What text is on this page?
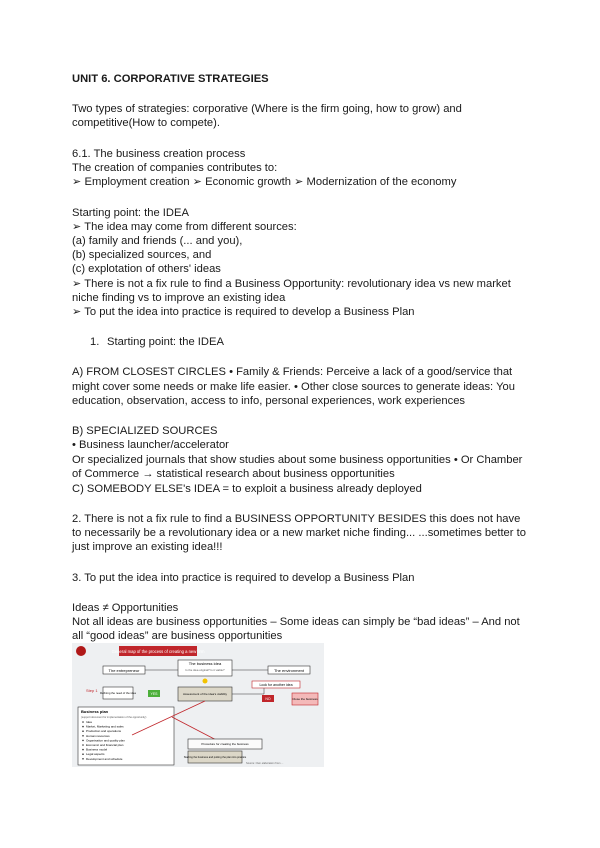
UNIT 6. CORPORATIVE STRATEGIES
Two types of strategies: corporative (Where is the firm going, how to grow) and
competitive(How to compete).
6.1. The business creation process
The creation of companies contributes to:
➢ Employment creation ➢ Economic growth ➢ Modernization of the economy
Starting point: the IDEA
➢ The idea may come from different sources:
(a) family and friends (... and you),
(b) specialized sources, and
(c) explotation of others' ideas
➢ There is not a fix rule to find a Business Opportunity: revolutionary idea vs new market
niche finding vs to improve an existing idea
➢ To put the idea into practice is required to develop a Business Plan
1. Starting point: the IDEA
A) FROM CLOSEST CIRCLES • Family & Friends: Perceive a lack of a good/service that
might cover some needs or make life easier. • Other close sources to generate ideas: You
education, observation, access to info, personal experiences, work experiences
B) SPECIALIZED SOURCES
• Business launcher/accelerator
Or specialized journals that show studies about some business opportunities • Or Chamber
of Commerce → statistical research about business opportunities
C) SOMEBODY ELSE's IDEA = to exploit a business already deployed
2. There is not a fix rule to find a BUSINESS OPPORTUNITY BESIDES this does not have
to necessarily be a revolutionary idea or a new market niche finding... ...sometimes better to
just improve an existing idea!!!
3. To put the idea into practice is required to develop a Business Plan
Ideas ≠ Opportunities
Not all ideas are business opportunities – Some ideas can simply be “bad ideas” – And not
all “good ideas” are business opportunities
General map of the process of creating a new firm
The entrepreneur
The business idea
Is the idea original? Is it viable?	The environment
Assessment of the idea's viability
Step 1 Defining the need of the idea	YES
Look for another idea
NO	Close the business
Business plan
(support document for implementation of the opportunity)
Idea
Market, Marketing and sales
Production and operations
Human resources
Organisation and quality plan
Economic and financial plan
Business model
Legal aspects
Development and schedule
Procedure for creating the business
Starting the business and putting the plan into practice
Source: Own elaboration from ...
